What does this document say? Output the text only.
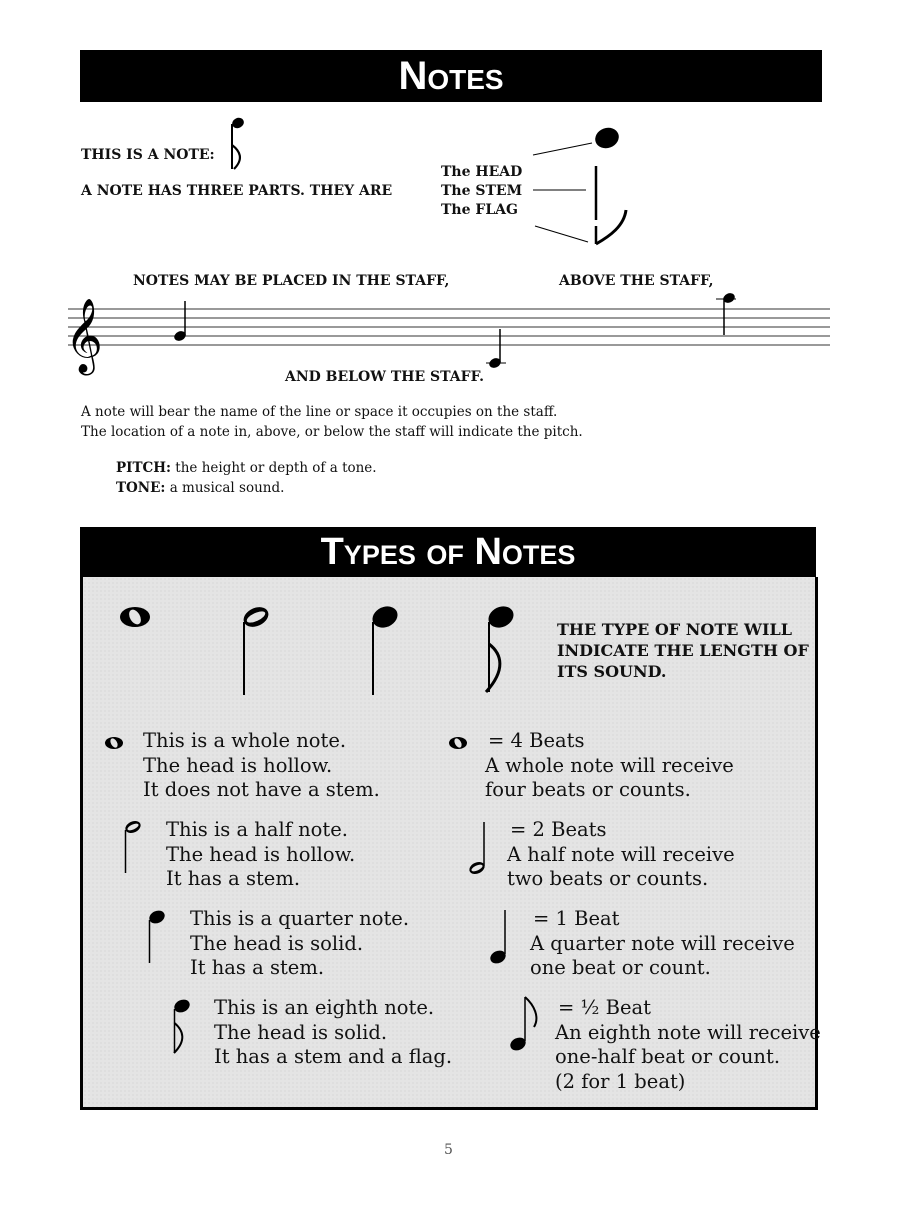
Notes
THIS IS A NOTE:
A NOTE HAS THREE PARTS. THEY ARE
The HEAD
The STEM
The FLAG
NOTES MAY BE PLACED IN THE STAFF,	ABOVE THE STAFF,
AND BELOW THE STAFF.
𝄞
A note will bear the name of the line or space it occupies on the staff.
The location of a note in, above, or below the staff will indicate the pitch.
PITCH: the height or depth of a tone.
TONE: a musical sound.
Types of Notes
THE TYPE OF NOTE WILL
INDICATE THE LENGTH OF
ITS SOUND.
This is a whole note.
The head is hollow.
It does not have a stem.
= 4 Beats
A whole note will receive
four beats or counts.
This is a half note.
The head is hollow.
It has a stem.
= 2 Beats
A half note will receive
two beats or counts.
This is a quarter note.
The head is solid.
It has a stem.
= 1 Beat
A quarter note will receive
one beat or count.
This is an eighth note.
The head is solid.
It has a stem and a flag.
= ½ Beat
An eighth note will receive
one-half beat or count.
(2 for 1 beat)
5
